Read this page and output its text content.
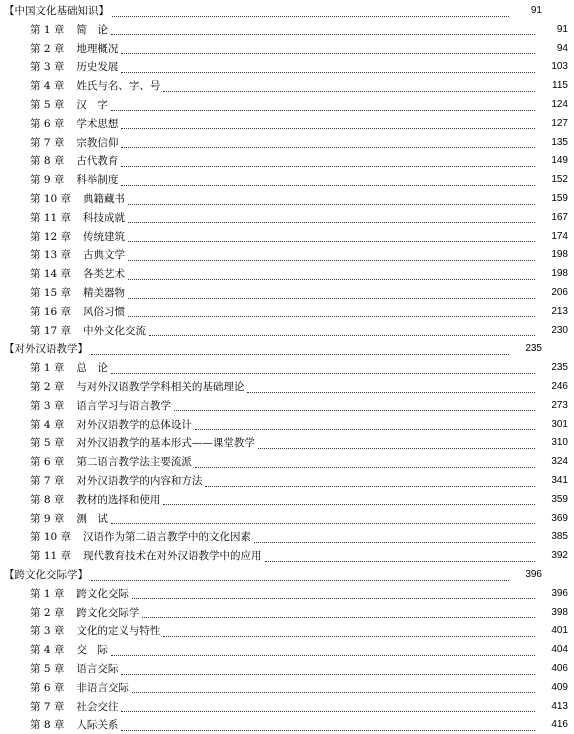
【中国文化基础知识】	91
第 1 章 简　论	91
第 2 章 地理概况	94
第 3 章 历史发展	103
第 4 章 姓氏与名、字、号	115
第 5 章 汉　字	124
第 6 章 学术思想	127
第 7 章 宗教信仰	135
第 8 章 古代教育	149
第 9 章 科举制度	152
第 10 章 典籍藏书	159
第 11 章 科技成就	167
第 12 章 传统建筑	174
第 13 章 古典文学	198
第 14 章 各类艺术	198
第 15 章 精美器物	206
第 16 章 风俗习惯	213
第 17 章 中外文化交流	230
【对外汉语教学】	235
第 1 章 总　论	235
第 2 章 与对外汉语教学学科相关的基础理论	246
第 3 章 语言学习与语言教学	273
第 4 章 对外汉语教学的总体设计	301
第 5 章 对外汉语教学的基本形式——课堂教学	310
第 6 章 第二语言教学法主要流派	324
第 7 章 对外汉语教学的内容和方法	341
第 8 章 教材的选择和使用	359
第 9 章 测　试	369
第 10 章 汉语作为第二语言教学中的文化因素	385
第 11 章 现代教育技术在对外汉语教学中的应用	392
【跨文化交际学】	396
第 1 章 跨文化交际	396
第 2 章 跨文化交际学	398
第 3 章 文化的定义与特性	401
第 4 章 交　际	404
第 5 章 语言交际	406
第 6 章 非语言交际	409
第 7 章 社会交往	413
第 8 章 人际关系	416
